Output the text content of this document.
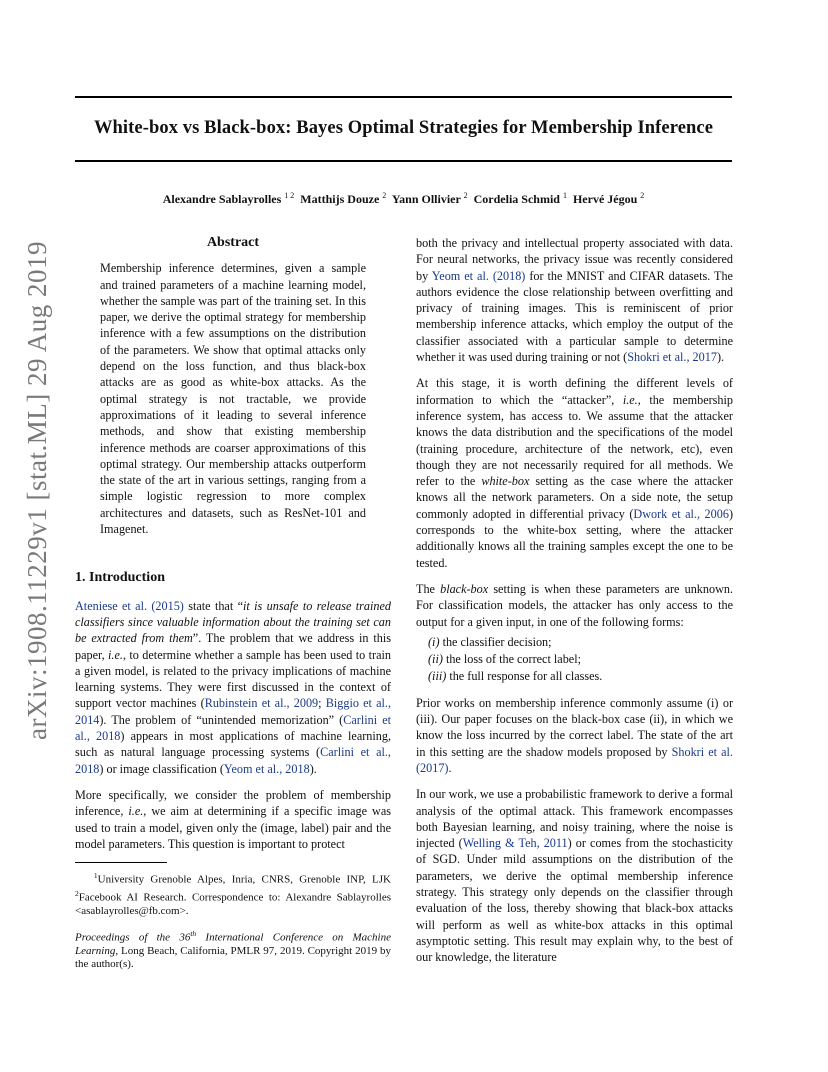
White-box vs Black-box: Bayes Optimal Strategies for Membership Inference
Alexandre Sablayrolles $^{1 2}$ Matthijs Douze $^2$ Yann Ollivier $^2$ Cordelia Schmid $^1$ Hervé Jégou $^2$
arXiv:1908.11229v1 [stat.ML] 29 Aug 2019	Abstract
Membership inference determines, given a sample and trained parameters of a machine learning model, whether the sample was part of the training set. In this paper, we derive the optimal strategy for membership inference with a few assumptions on the distribution of the parameters. We show that optimal attacks only depend on the loss function, and thus black-box attacks are as good as white-box attacks. As the optimal strategy is not tractable, we provide approximations of it leading to several inference methods, and show that existing membership inference methods are coarser approximations of this optimal strategy. Our membership attacks outperform the state of the art in various settings, ranging from a simple logistic regression to more complex architectures and datasets, such as ResNet-101 and Imagenet.
1. Introduction

Ateniese et al. (2015) state that “it is unsafe to release trained classifiers since valuable information about the training set can be extracted from them”. The problem that we address in this paper, i.e., to determine whether a sample has been used to train a given model, is related to the privacy implications of machine learning systems. They were first discussed in the context of support vector machines (Rubinstein et al., 2009; Biggio et al., 2014). The problem of “unintended memorization” (Carlini et al., 2018) appears in most applications of machine learning, such as natural language processing systems (Carlini et al., 2018) or image classification (Yeom et al., 2018).

More specifically, we consider the problem of membership inference, i.e., we aim at determining if a specific image was used to train a model, given only the (image, label) pair and the model parameters. This question is important to protect

$^1$University Grenoble Alpes, Inria, CNRS, Grenoble INP, LJK $^2$Facebook AI Research. Correspondence to: Alexandre Sablayrolles <asablayrolles@fb.com>.
Proceedings of the 36th International Conference on Machine Learning, Long Beach, California, PMLR 97, 2019. Copyright 2019 by the author(s).

both the privacy and intellectual property associated with data. For neural networks, the privacy issue was recently considered by Yeom et al. (2018) for the MNIST and CIFAR datasets. The authors evidence the close relationship between overfitting and privacy of training images. This is reminiscent of prior membership inference attacks, which employ the output of the classifier associated with a particular sample to determine whether it was used during training or not (Shokri et al., 2017).

At this stage, it is worth defining the different levels of information to which the “attacker”, i.e., the membership inference system, has access to. We assume that the attacker knows the data distribution and the specifications of the model (training procedure, architecture of the network, etc), even though they are not necessarily required for all methods. We refer to the white-box setting as the case where the attacker knows all the network parameters. On a side note, the setup commonly adopted in differential privacy (Dwork et al., 2006) corresponds to the white-box setting, where the attacker additionally knows all the training samples except the one to be tested.

The black-box setting is when these parameters are unknown. For classification models, the attacker has only access to the output for a given input, in one of the following forms:

(i) the classifier decision;
(ii) the loss of the correct label;
(iii) the full response for all classes.

Prior works on membership inference commonly assume (i) or (iii). Our paper focuses on the black-box case (ii), in which we know the loss incurred by the correct label. The state of the art in this setting are the shadow models proposed by Shokri et al. (2017).

In our work, we use a probabilistic framework to derive a formal analysis of the optimal attack. This framework encompasses both Bayesian learning, and noisy training, where the noise is injected (Welling & Teh, 2011) or comes from the stochasticity of SGD. Under mild assumptions on the distribution of the parameters, we derive the optimal membership inference strategy. This strategy only depends on the classifier through evaluation of the loss, thereby showing that black-box attacks will perform as well as white-box attacks in this optimal asymptotic setting. This result may explain why, to the best of our knowledge, the literature
